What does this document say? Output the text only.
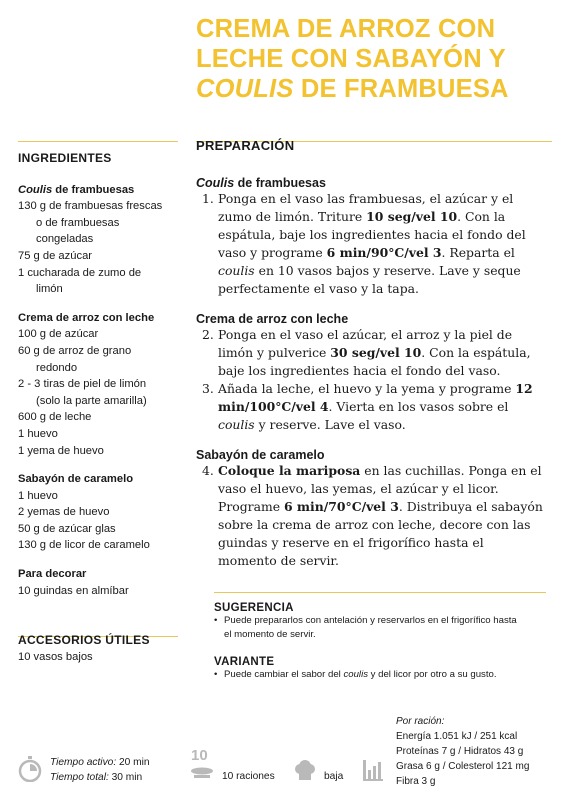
CREMA DE ARROZ CON
LECHE CON SABAYÓN Y
COULIS DE FRAMBUESA
INGREDIENTES

Coulis de frambuesas

130 g de frambuesas frescas

o de frambuesas

congeladas

75 g de azúcar

1 cucharada de zumo de

limón

Crema de arroz con leche

100 g de azúcar

60 g de arroz de grano

redondo

2 - 3 tiras de piel de limón

(solo la parte amarilla)

600 g de leche

1 huevo

1 yema de huevo

Sabayón de caramelo

1 huevo

2 yemas de huevo

50 g de azúcar glas

130 g de licor de caramelo

Para decorar

10 guindas en almíbar

ACCESORIOS ÚTILES

10 vasos bajos

PREPARACIÓN

Coulis de frambuesas

1. Ponga en el vaso las frambuesas, el azúcar y el zumo de limón. Triture 10 seg/vel 10. Con la espátula, baje los ingredientes hacia el fondo del vaso y programe 6 min/90°C/vel 3. Reparta el coulis en 10 vasos bajos y reserve. Lave y seque perfectamente el vaso y la tapa.

Crema de arroz con leche

2. Ponga en el vaso el azúcar, el arroz y la piel de limón y pulverice 30 seg/vel 10. Con la espátula, baje los ingredientes hacia el fondo del vaso.
3. Añada la leche, el huevo y la yema y programe 12 min/100°C/vel 4. Vierta en los vasos sobre el coulis y reserve. Lave el vaso.

Sabayón de caramelo

4. Coloque la mariposa en las cuchillas. Ponga en el vaso el huevo, las yemas, el azúcar y el licor. Programe 6 min/70°C/vel 3. Distribuya el sabayón sobre la crema de arroz con leche, decore con las guindas y reserve en el frigorífico hasta el momento de servir.
SUGERENCIA
• Puede prepararlos con antelación y reservarlos en el frigorífico hasta
el momento de servir.
VARIANTE
• Puede cambiar el sabor del coulis y del licor por otro a su gusto.
Por ración:
Energía 1.051 kJ / 251 kcal
Proteínas 7 g / Hidratos 43 g
Grasa 6 g / Colesterol 121 mg
Fibra 3 g
Tiempo activo: 20 min
Tiempo total: 30 min
10
10 raciones	baja
